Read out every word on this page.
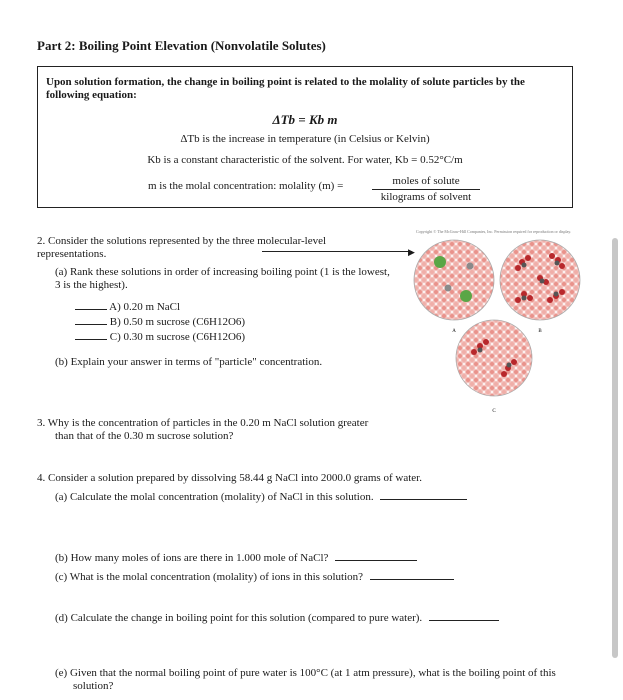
Part 2: Boiling Point Elevation (Nonvolatile Solutes)
Upon solution formation, the change in boiling point is related to the molality of solute particles by the following equation:
ΔTb = Kb m
ΔTb is the increase in temperature (in Celsius or Kelvin)
Kb is a constant characteristic of the solvent. For water, Kb = 0.52°C/m
m is the molal concentration: molality (m) =	moles of solute
kilograms of solvent
2. Consider the solutions represented by the three molecular-level representations.	▶
(a) Rank these solutions in order of increasing boiling point (1 is the lowest, 3 is the highest).
A) 0.20 m NaCl
B) 0.50 m sucrose (C6H12O6)
C) 0.30 m sucrose (C6H12O6)
(b) Explain your answer in terms of "particle" concentration.
Copyright © The McGraw-Hill Companies, Inc. Permission required for reproduction or display.
A	B
C
3. Why is the concentration of particles in the 0.20 m NaCl solution greater than that of the 0.30 m sucrose solution?
4. Consider a solution prepared by dissolving 58.44 g NaCl into 2000.0 grams of water.
(a) Calculate the molal concentration (molality) of NaCl in this solution.
(b) How many moles of ions are there in 1.000 mole of NaCl?
(c) What is the molal concentration (molality) of ions in this solution?
(d) Calculate the change in boiling point for this solution (compared to pure water).
(e) Given that the normal boiling point of pure water is 100°C (at 1 atm pressure), what is the boiling point of this solution?
